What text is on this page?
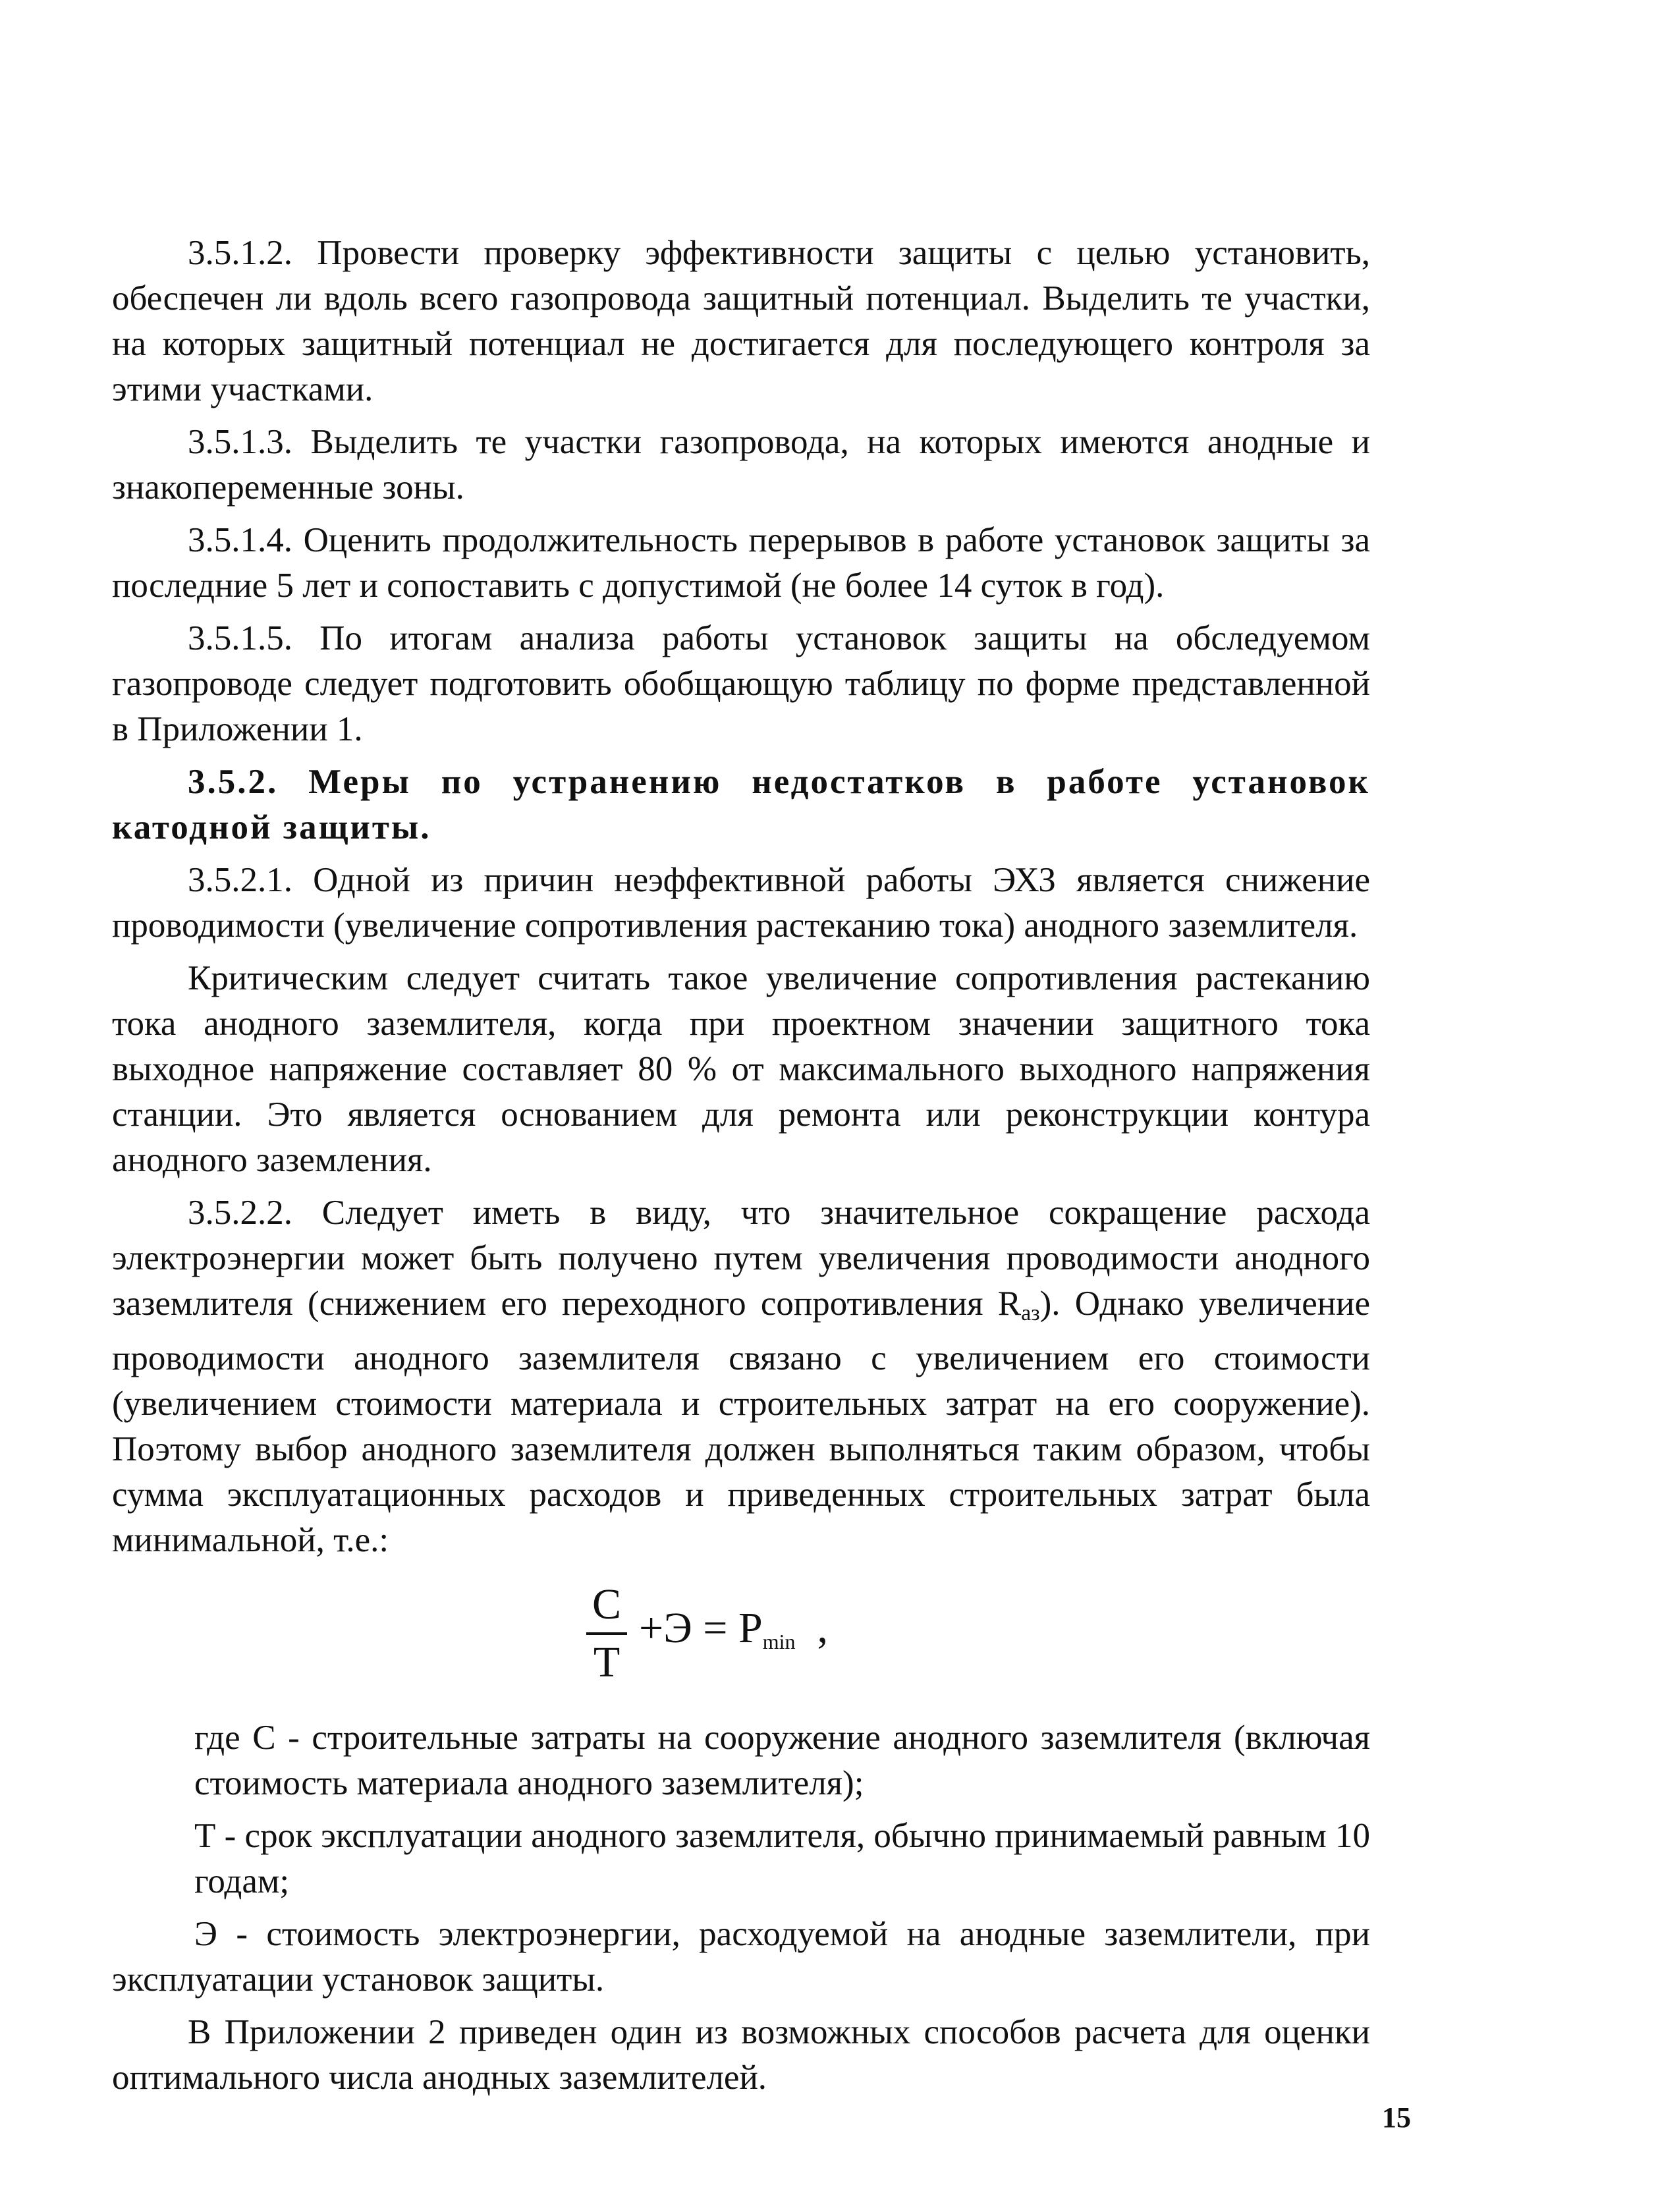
3.5.1.2. Провести проверку эффективности защиты с целью установить, обеспечен ли вдоль всего газопровода защитный потенциал. Выделить те участки, на которых защитный потенциал не достигается для последующего контроля за этими участками.

3.5.1.3. Выделить те участки газопровода, на которых имеются анодные и знакопеременные зоны.

3.5.1.4. Оценить продолжительность перерывов в работе установок защиты за последние 5 лет и сопоставить с допустимой (не более 14 суток в год).

3.5.1.5. По итогам анализа работы установок защиты на обследуемом газопроводе следует подготовить обобщающую таблицу по форме представленной в Приложении 1.

3.5.2. Меры по устранению недостатков в работе установок катодной защиты.

3.5.2.1. Одной из причин неэффективной работы ЭХЗ является снижение проводимости (увеличение сопротивления растеканию тока) анодного заземлителя.

Критическим следует считать такое увеличение сопротивления растеканию тока анодного заземлителя, когда при проектном значении защитного тока выходное напряжение составляет 80 % от максимального выходного напряжения станции. Это является основанием для ремонта или реконструкции контура анодного заземления.

3.5.2.2. Следует иметь в виду, что значительное сокращение расхода электроэнергии может быть получено путем увеличения проводимости анодного заземлителя (снижением его переходного сопротивления $R_{аз}$). Однако увеличение проводимости анодного заземлителя связано с увеличением его стоимости (увеличением стоимости материала и строительных затрат на его сооружение). Поэтому выбор анодного заземлителя должен выполняться таким образом, чтобы сумма эксплуатационных расходов и приведенных строительных затрат была минимальной, т.е.:

С
Т
$+Э = P_{min}$ ,

где С - строительные затраты на сооружение анодного заземлителя (включая стоимость материала анодного заземлителя);

Т - срок эксплуатации анодного заземлителя, обычно принимаемый равным 10 годам;

Э - стоимость электроэнергии, расходуемой на анодные заземлители, при эксплуатации установок защиты.

В Приложении 2 приведен один из возможных способов расчета для оценки оптимального числа анодных заземлителей.

15
